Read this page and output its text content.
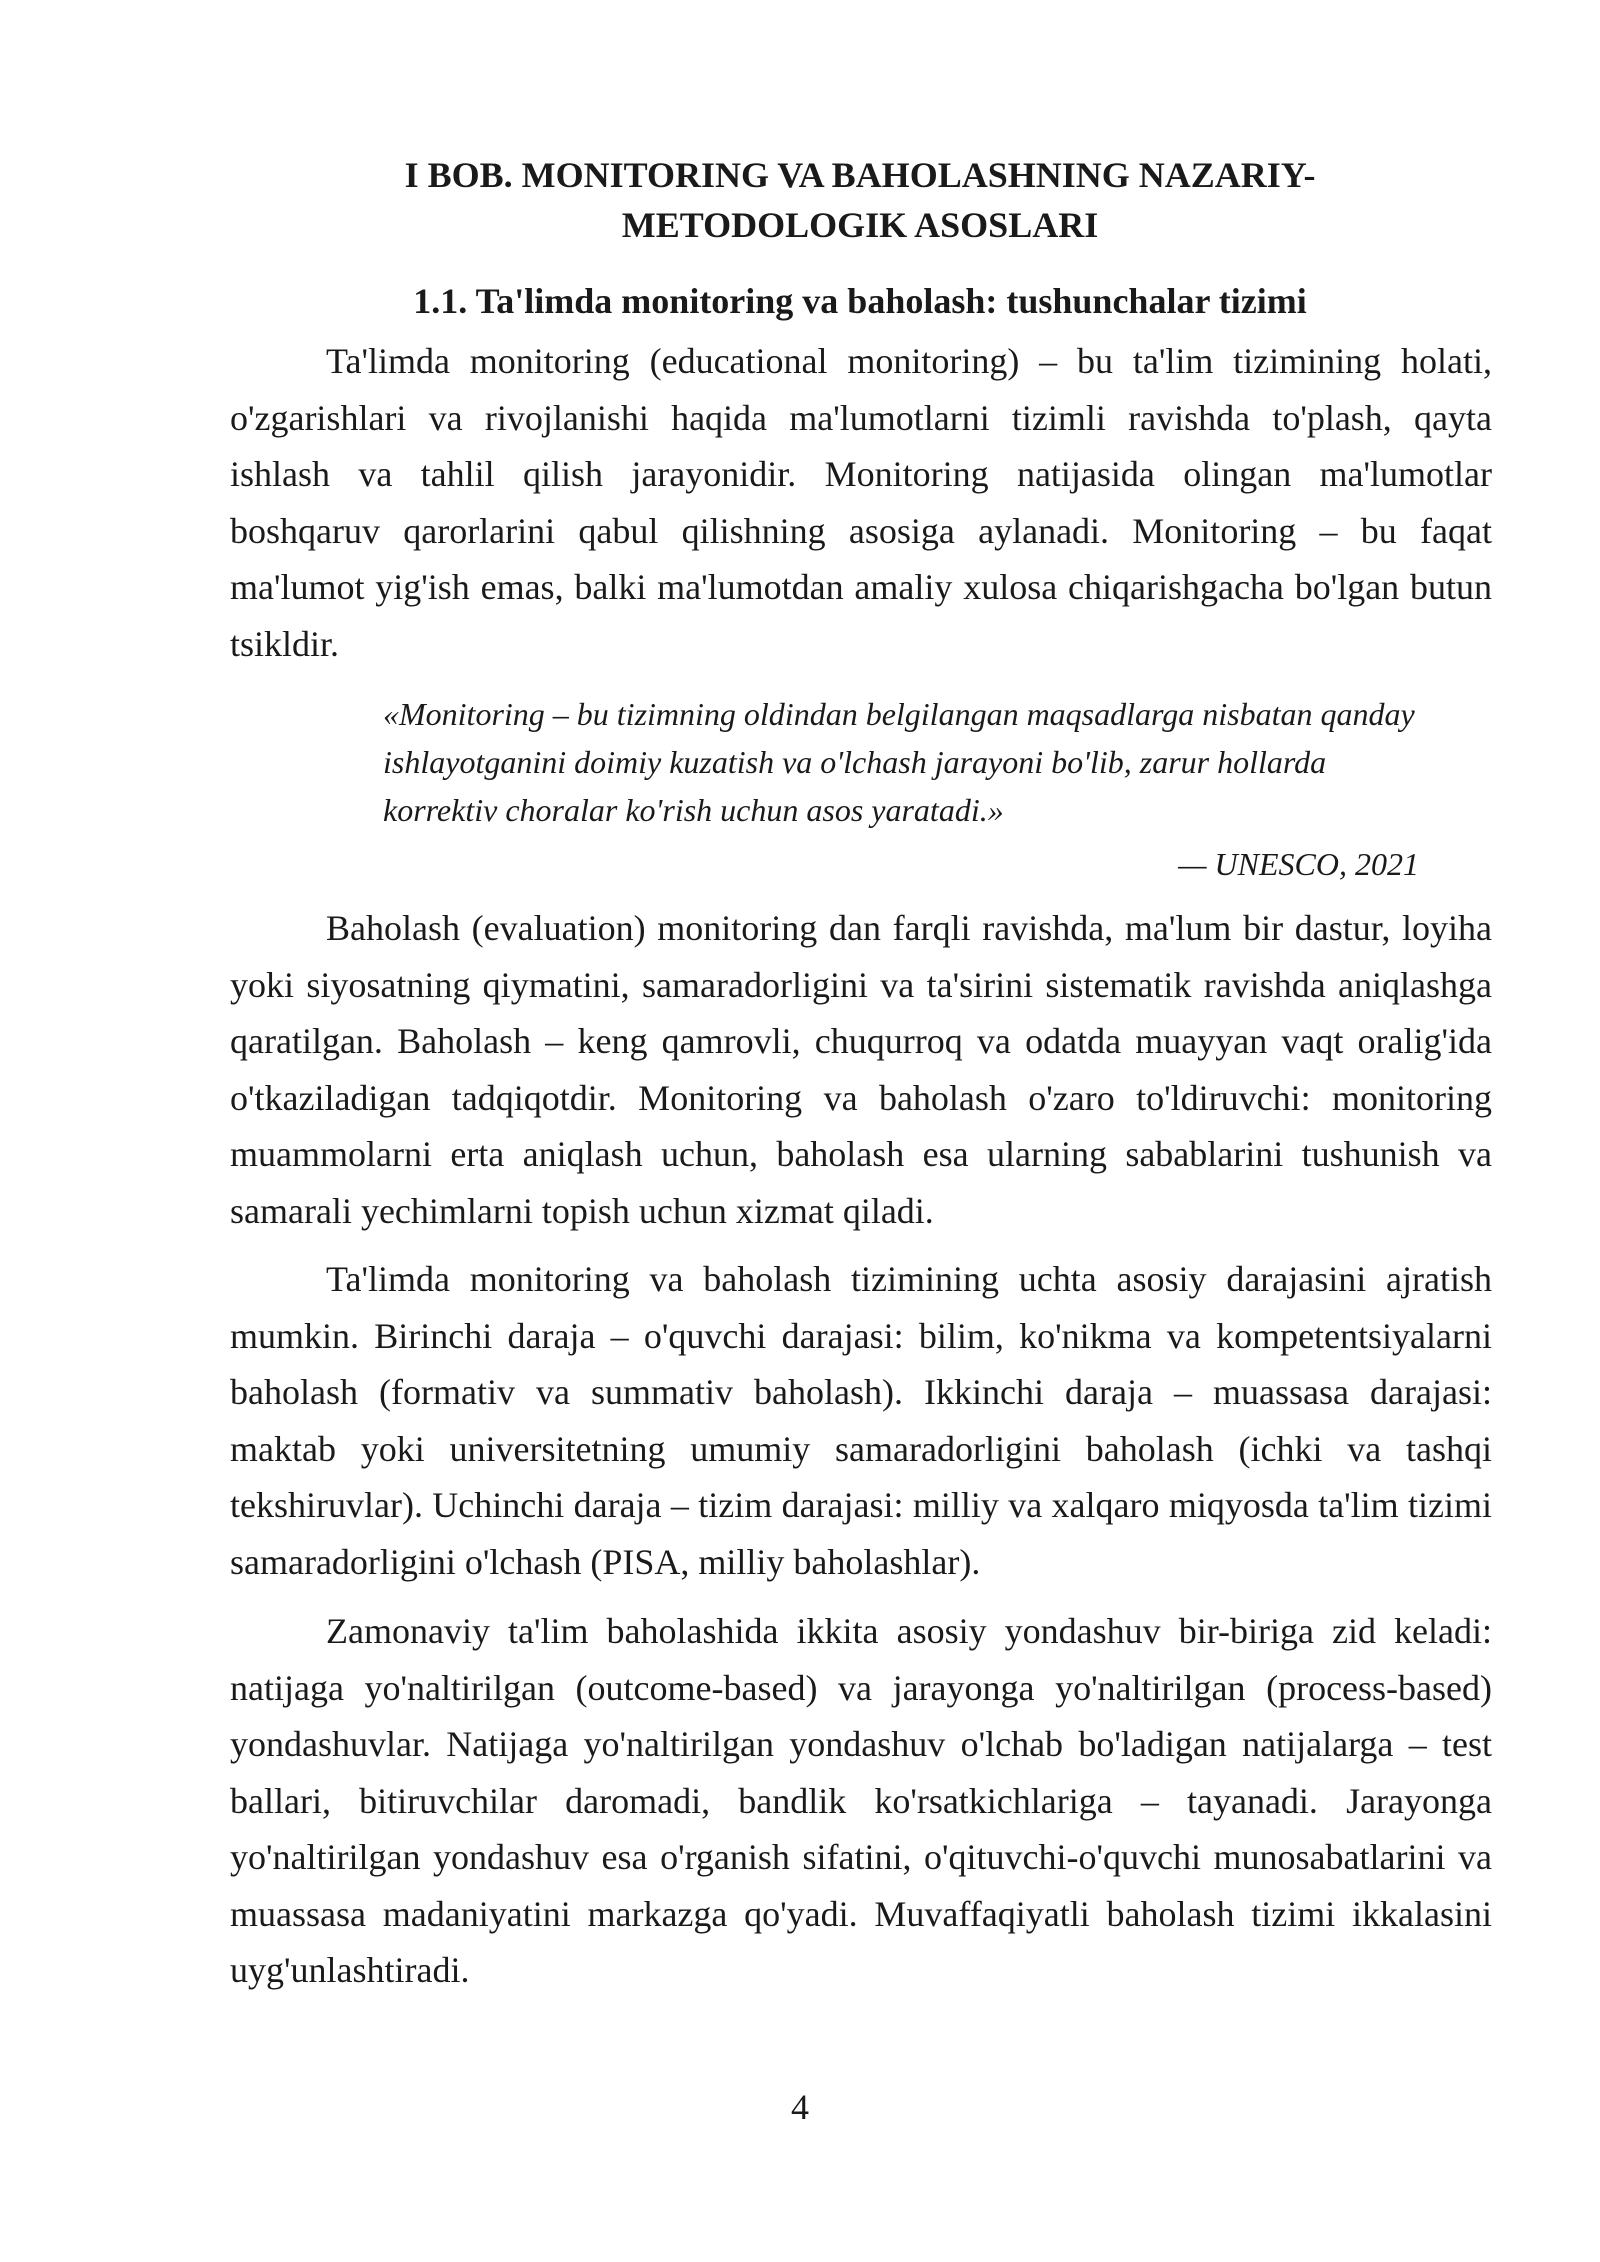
I BOB. MONITORING VA BAHOLASHNING NAZARIY-
METODOLOGIK ASOSLARI
1.1. Ta'limda monitoring va baholash: tushunchalar tizimi

Ta'limda monitoring (educational monitoring) – bu ta'lim tizimining holati, o'zgarishlari va rivojlanishi haqida ma'lumotlarni tizimli ravishda to'plash, qayta ishlash va tahlil qilish jarayonidir. Monitoring natijasida olingan ma'lumotlar boshqaruv qarorlarini qabul qilishning asosiga aylanadi. Monitoring – bu faqat ma'lumot yig'ish emas, balki ma'lumotdan amaliy xulosa chiqarishgacha bo'lgan butun tsikldir.

«Monitoring – bu tizimning oldindan belgilangan maqsadlarga nisbatan qanday ishlayotganini doimiy kuzatish va o'lchash jarayoni bo'lib, zarur hollarda korrektiv choralar ko'rish uchun asos yaratadi.»

— UNESCO, 2021

Baholash (evaluation) monitoring dan farqli ravishda, ma'lum bir dastur, loyiha yoki siyosatning qiymatini, samaradorligini va ta'sirini sistematik ravishda aniqlashga qaratilgan. Baholash – keng qamrovli, chuqurroq va odatda muayyan vaqt oralig'ida o'tkaziladigan tadqiqotdir. Monitoring va baholash o'zaro to'ldiruvchi: monitoring muammolarni erta aniqlash uchun, baholash esa ularning sabablarini tushunish va samarali yechimlarni topish uchun xizmat qiladi.

Ta'limda monitoring va baholash tizimining uchta asosiy darajasini ajratish mumkin. Birinchi daraja – o'quvchi darajasi: bilim, ko'nikma va kompetentsiyalarni baholash (formativ va summativ baholash). Ikkinchi daraja – muassasa darajasi: maktab yoki universitetning umumiy samaradorligini baholash (ichki va tashqi tekshiruvlar). Uchinchi daraja – tizim darajasi: milliy va xalqaro miqyosda ta'lim tizimi samaradorligini o'lchash (PISA, milliy baholashlar).

Zamonaviy ta'lim baholashida ikkita asosiy yondashuv bir-biriga zid keladi: natijaga yo'naltirilgan (outcome-based) va jarayonga yo'naltirilgan (process-based) yondashuvlar. Natijaga yo'naltirilgan yondashuv o'lchab bo'ladigan natijalarga – test ballari, bitiruvchilar daromadi, bandlik ko'rsatkichlariga – tayanadi. Jarayonga yo'naltirilgan yondashuv esa o'rganish sifatini, o'qituvchi-o'quvchi munosabatlarini va muassasa madaniyatini markazga qo'yadi. Muvaffaqiyatli baholash tizimi ikkalasini uyg'unlashtiradi.

4
